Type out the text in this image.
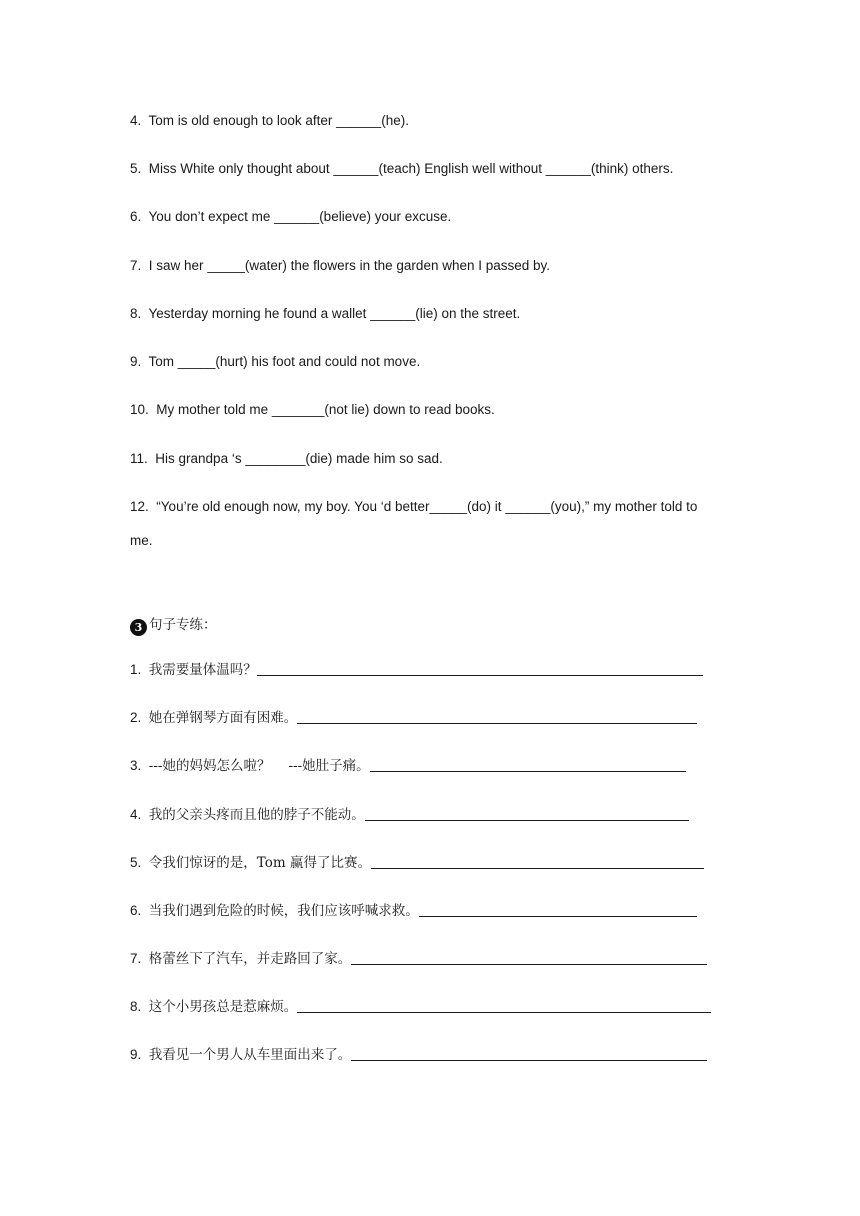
4. Tom is old enough to look after ______(he).
5. Miss White only thought about ______(teach) English well without ______(think) others.
6. You don’t expect me ______(believe) your excuse.
7. I saw her _____(water) the flowers in the garden when I passed by.
8. Yesterday morning he found a wallet ______(lie) on the street.
9. Tom _____(hurt) his foot and could not move.
10. My mother told me _______(not lie) down to read books.
11. His grandpa ‘s ________(die) made him so sad.
12. “You’re old enough now, my boy. You ‘d better_____(do) it ______(you),” my mother told to
me.
3 句子专练：
1. 我需要量体温吗？
2. 她在弹钢琴方面有困难。
3. ---她的妈妈怎么啦？ ---她肚子痛。
4. 我的父亲头疼而且他的脖子不能动。
5. 令我们惊讶的是，Tom 赢得了比赛。
6. 当我们遇到危险的时候，我们应该呼喊求救。
7. 格蕾丝下了汽车，并走路回了家。
8. 这个小男孩总是惹麻烦。
9. 我看见一个男人从车里面出来了。
